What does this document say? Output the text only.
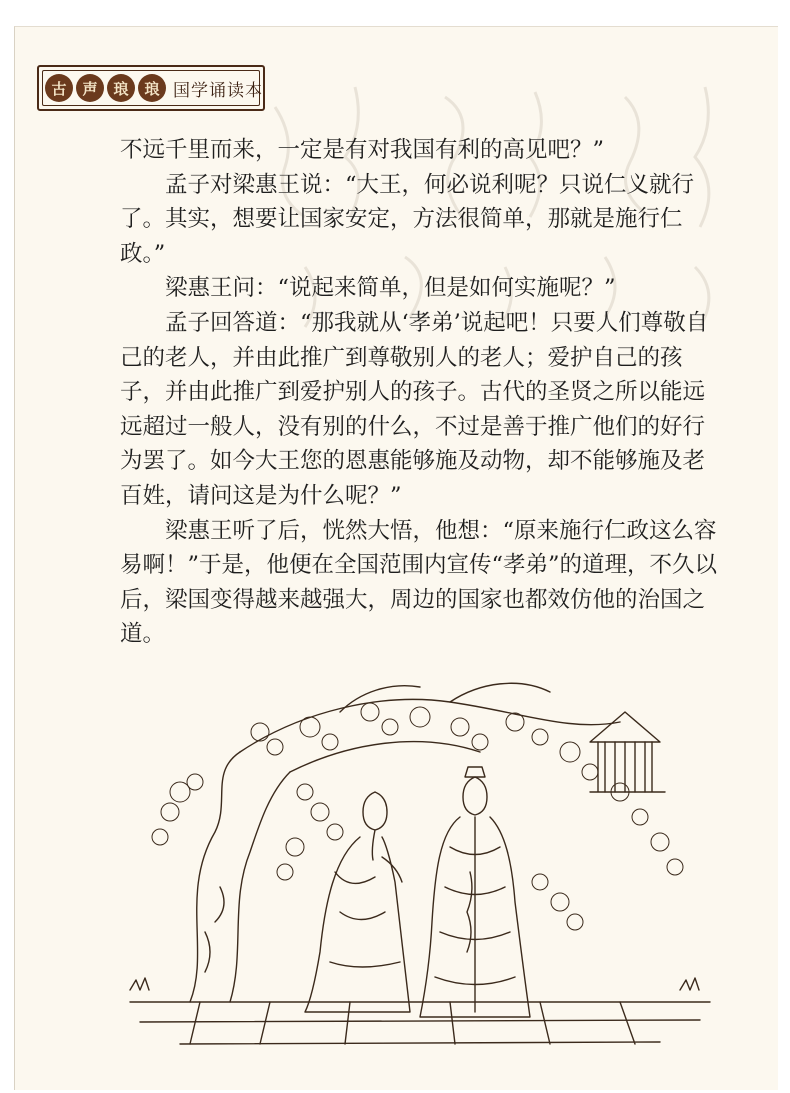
古	声	琅	琅 国学诵读本

不远千里而来，一定是有对我国有利的高见吧？”

孟子对梁惠王说：“大王，何必说利呢？只说仁义就行了。其实，想要让国家安定，方法很简单，那就是施行仁政。”

梁惠王问：“说起来简单，但是如何实施呢？”

孟子回答道：“那我就从‘孝弟’说起吧！只要人们尊敬自己的老人，并由此推广到尊敬别人的老人；爱护自己的孩子，并由此推广到爱护别人的孩子。古代的圣贤之所以能远远超过一般人，没有别的什么，不过是善于推广他们的好行为罢了。如今大王您的恩惠能够施及动物，却不能够施及老百姓，请问这是为什么呢？”

梁惠王听了后，恍然大悟，他想：“原来施行仁政这么容易啊！”于是，他便在全国范围内宣传“孝弟”的道理，不久以后，梁国变得越来越强大，周边的国家也都效仿他的治国之道。
